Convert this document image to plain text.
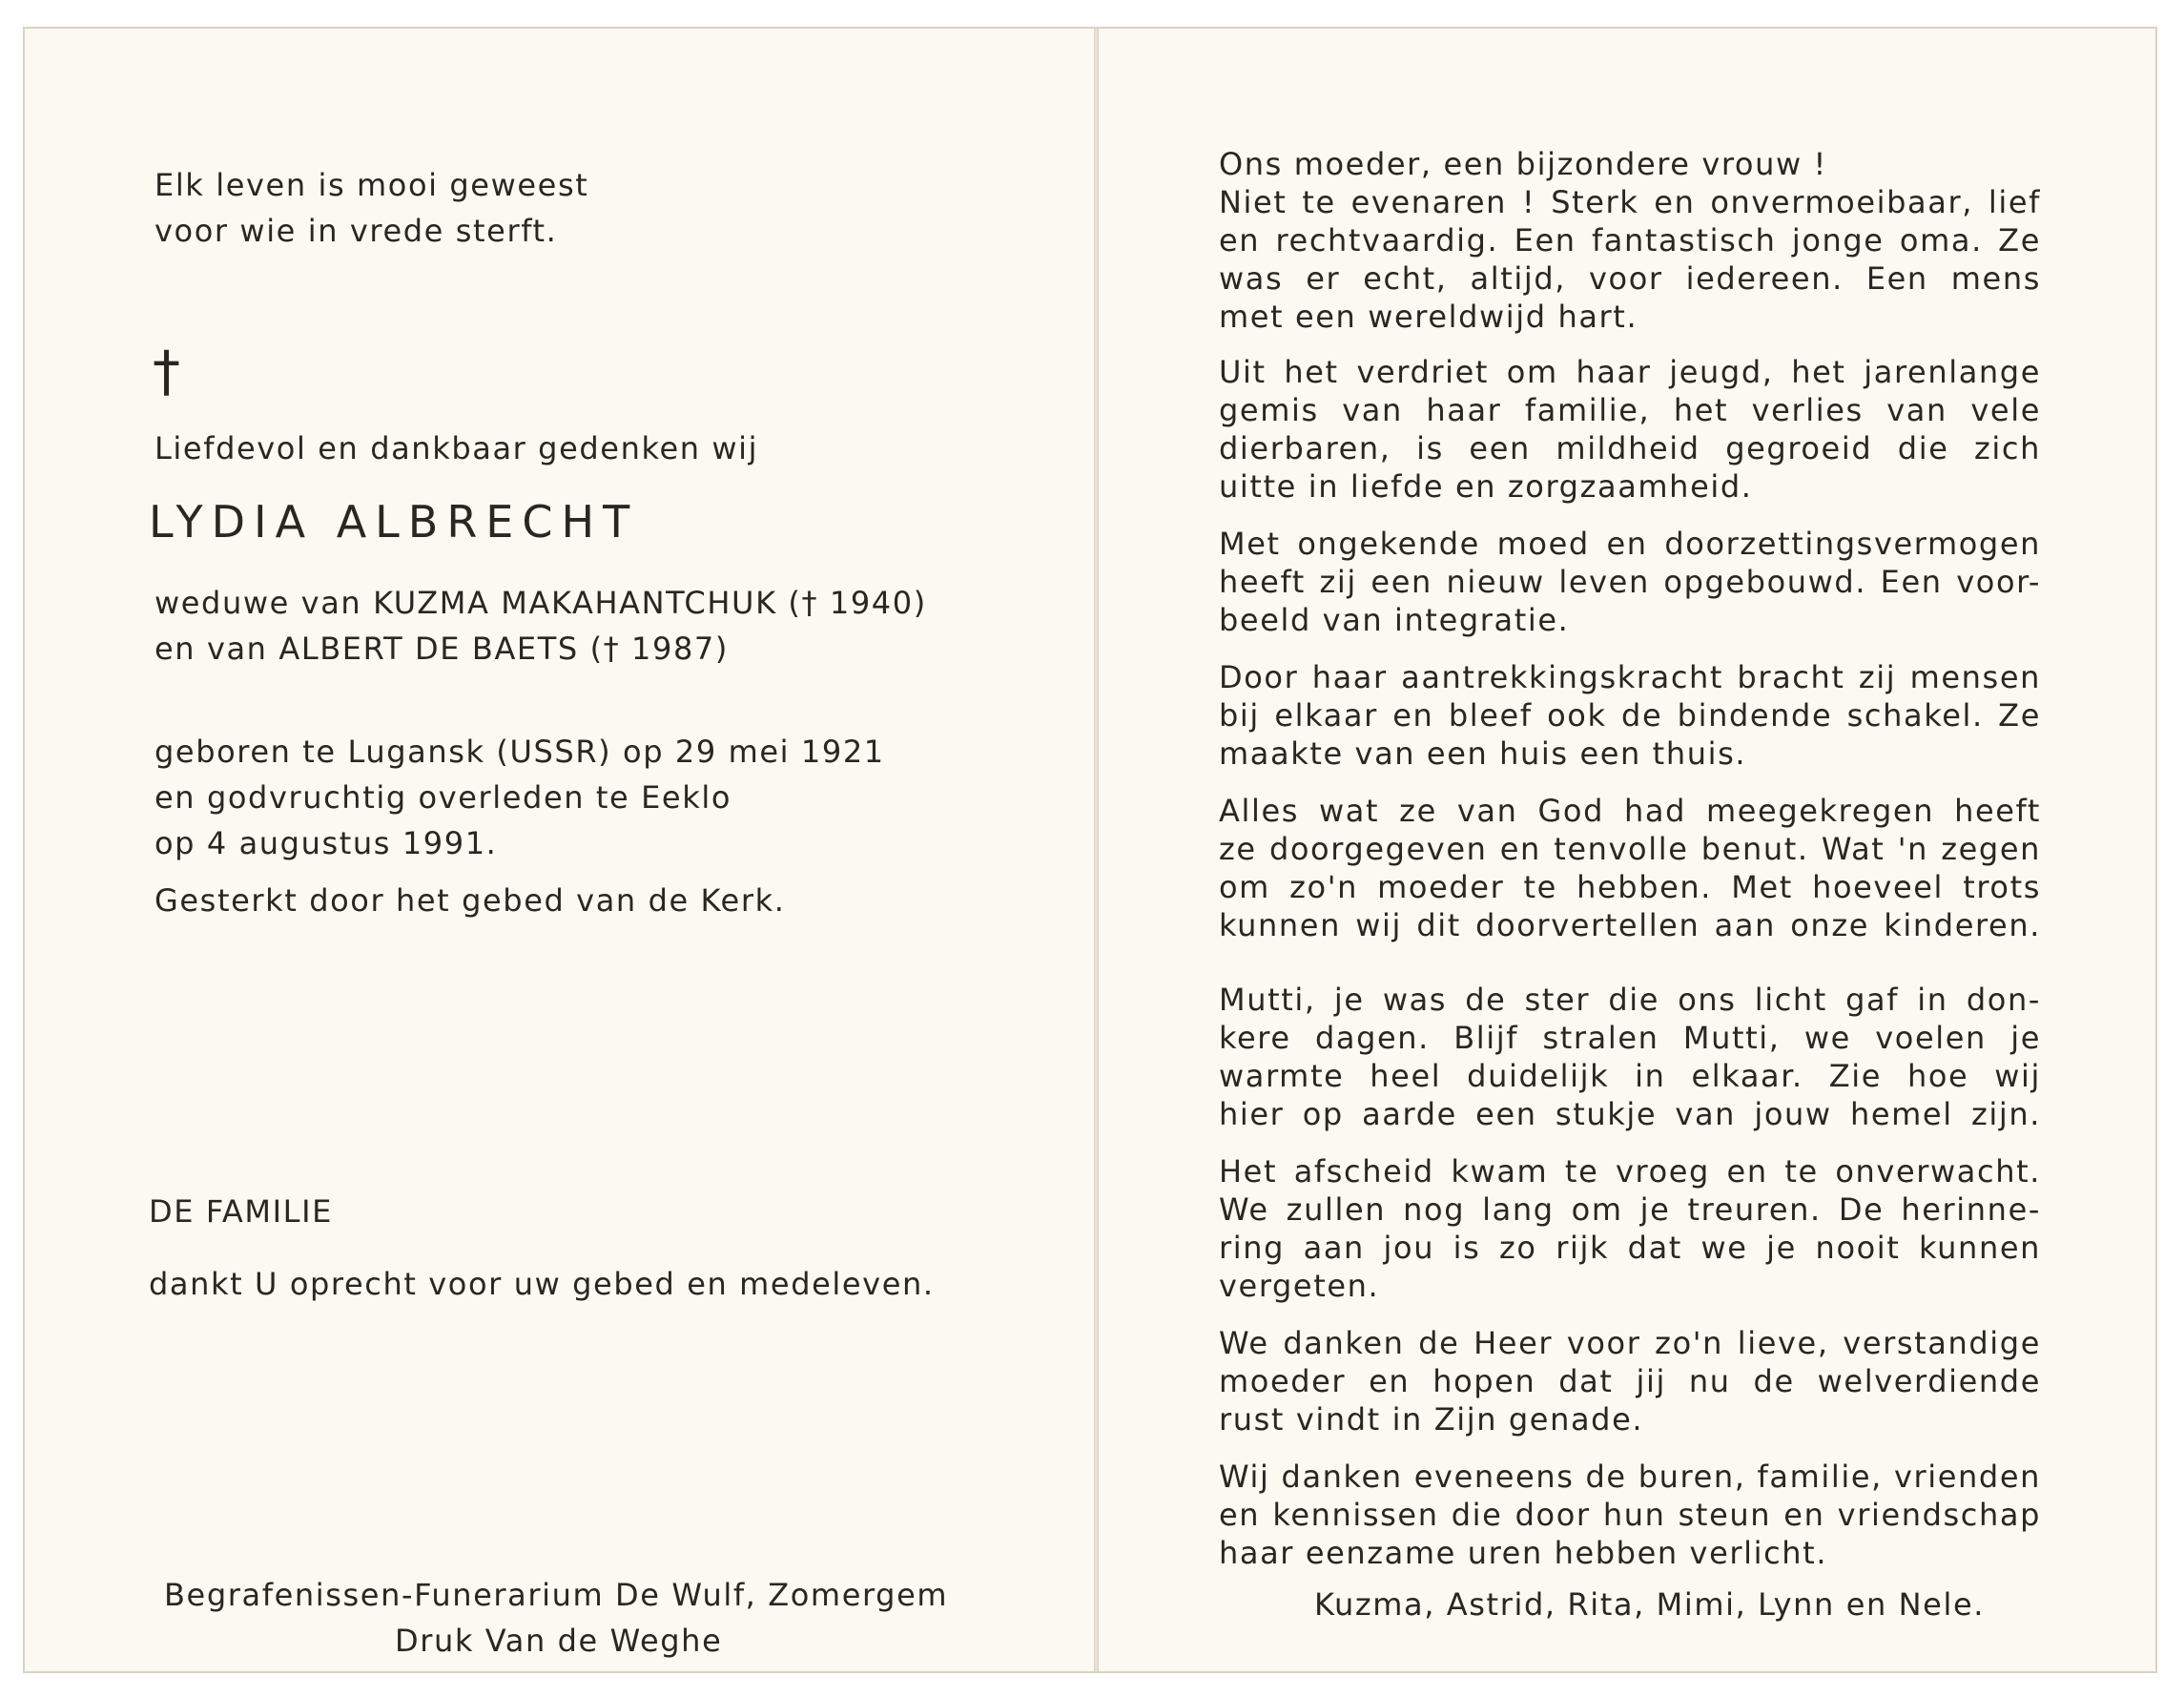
Elk leven is mooi geweest
voor wie in vrede sterft.
†
Liefdevol en dankbaar gedenken wij
LYDIA ALBRECHT
weduwe van KUZMA MAKAHANTCHUK († 1940)
en van ALBERT DE BAETS († 1987)
geboren te Lugansk (USSR) op 29 mei 1921
en godvruchtig overleden te Eeklo
op 4 augustus 1991.
Gesterkt door het gebed van de Kerk.
DE FAMILIE
dankt U oprecht voor uw gebed en medeleven.
Begrafenissen-Funerarium De Wulf, Zomergem
Druk Van de Weghe
Ons moeder, een bijzondere vrouw !
Niet te evenaren ! Sterk en onvermoeibaar, lief
en rechtvaardig. Een fantastisch jonge oma. Ze
was er echt, altijd, voor iedereen. Een mens
met een wereldwijd hart.
Uit het verdriet om haar jeugd, het jarenlange
gemis van haar familie, het verlies van vele
dierbaren, is een mildheid gegroeid die zich
uitte in liefde en zorgzaamheid.
Met ongekende moed en doorzettingsvermogen
heeft zij een nieuw leven opgebouwd. Een voor-
beeld van integratie.
Door haar aantrekkingskracht bracht zij mensen
bij elkaar en bleef ook de bindende schakel. Ze
maakte van een huis een thuis.
Alles wat ze van God had meegekregen heeft
ze doorgegeven en tenvolle benut. Wat 'n zegen
om zo'n moeder te hebben. Met hoeveel trots
kunnen wij dit doorvertellen aan onze kinderen.
Mutti, je was de ster die ons licht gaf in don-
kere dagen. Blijf stralen Mutti, we voelen je
warmte heel duidelijk in elkaar. Zie hoe wij
hier op aarde een stukje van jouw hemel zijn.
Het afscheid kwam te vroeg en te onverwacht.
We zullen nog lang om je treuren. De herinne-
ring aan jou is zo rijk dat we je nooit kunnen
vergeten.
We danken de Heer voor zo'n lieve, verstandige
moeder en hopen dat jij nu de welverdiende
rust vindt in Zijn genade.
Wij danken eveneens de buren, familie, vrienden
en kennissen die door hun steun en vriendschap
haar eenzame uren hebben verlicht.
Kuzma, Astrid, Rita, Mimi, Lynn en Nele.
